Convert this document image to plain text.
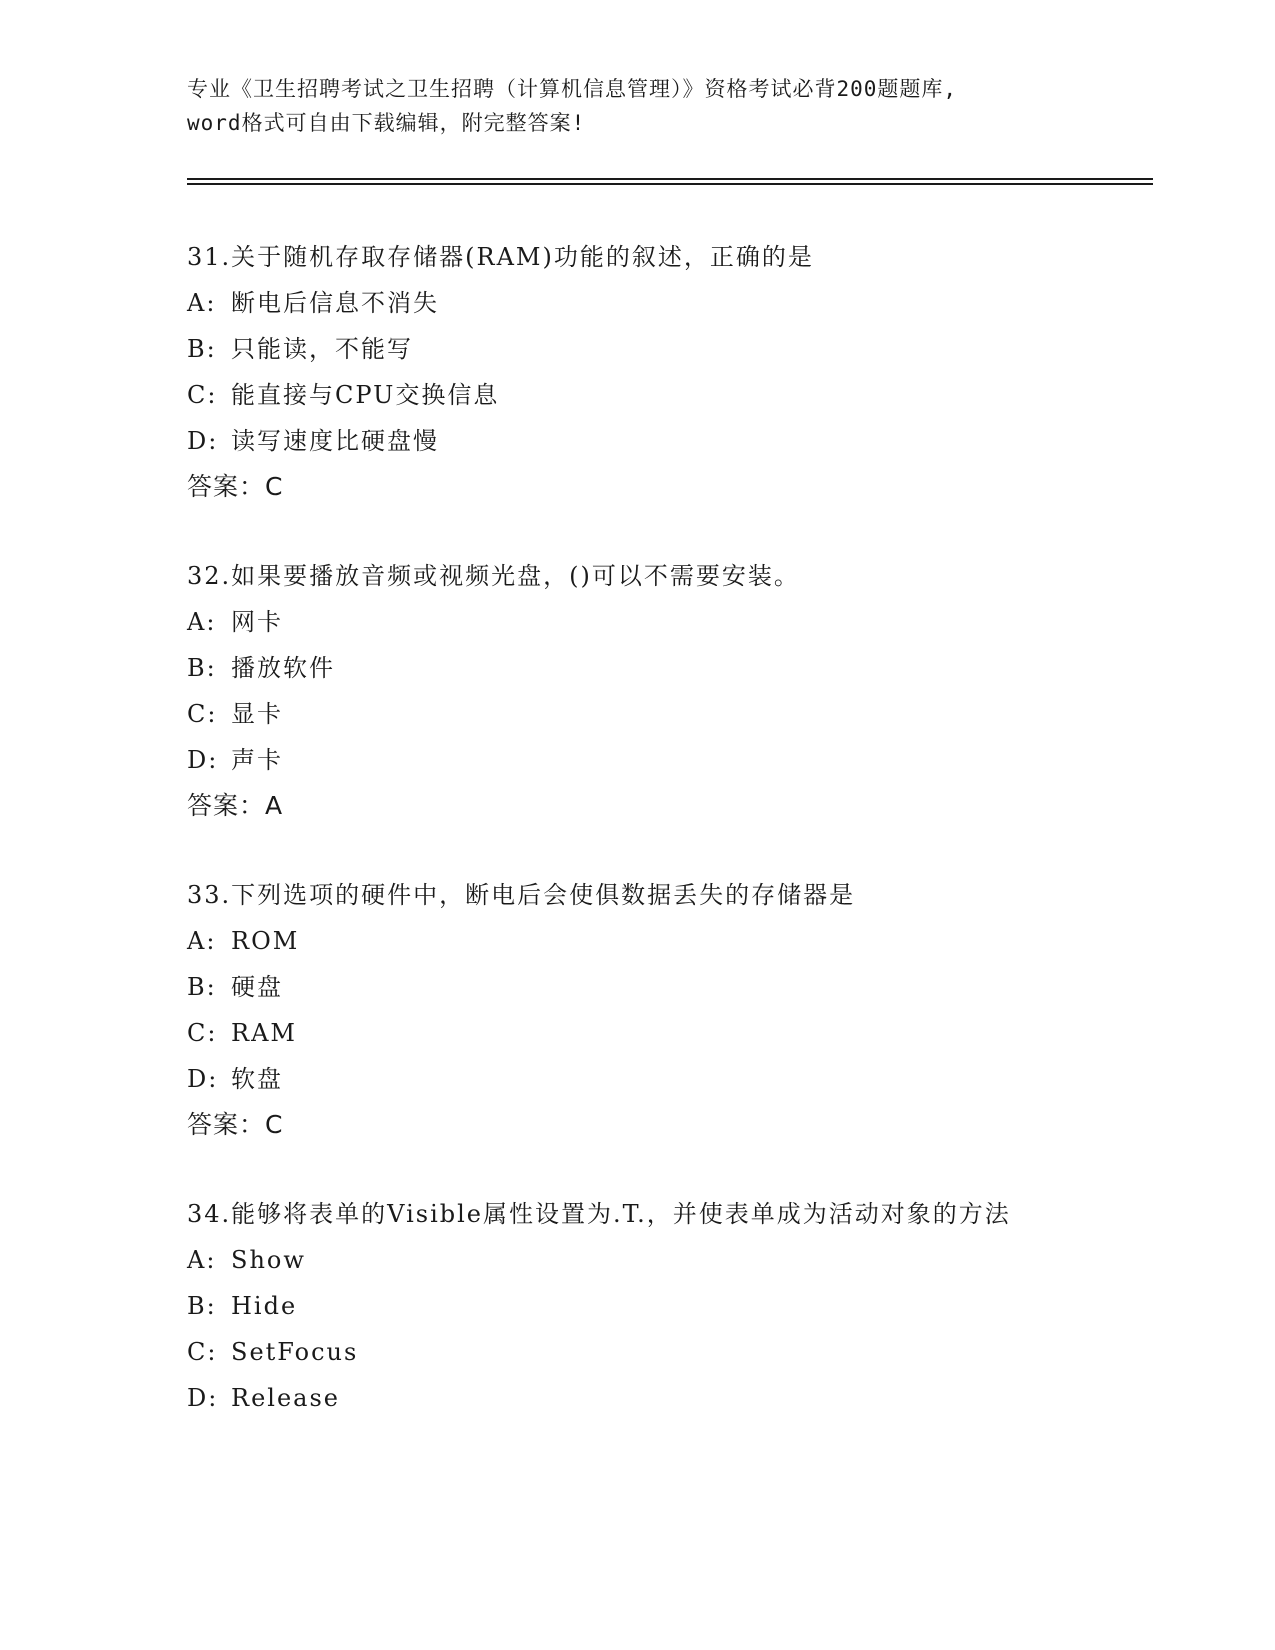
专业《卫生招聘考试之卫生招聘（计算机信息管理）》资格考试必背200题题库,
word格式可自由下载编辑，附完整答案!
31.关于随机存取存储器(RAM)功能的叙述，正确的是
A: 断电后信息不消失
B: 只能读，不能写
C: 能直接与CPU交换信息
D: 读写速度比硬盘慢
答案：C
32.如果要播放音频或视频光盘，()可以不需要安装。
A: 网卡
B: 播放软件
C: 显卡
D: 声卡
答案：A
33.下列选项的硬件中，断电后会使俱数据丢失的存储器是
A: ROM
B: 硬盘
C: RAM
D: 软盘
答案：C
34.能够将表单的Visible属性设置为.T.，并使表单成为活动对象的方法
A: Show
B: Hide
C: SetFocus
D: Release
